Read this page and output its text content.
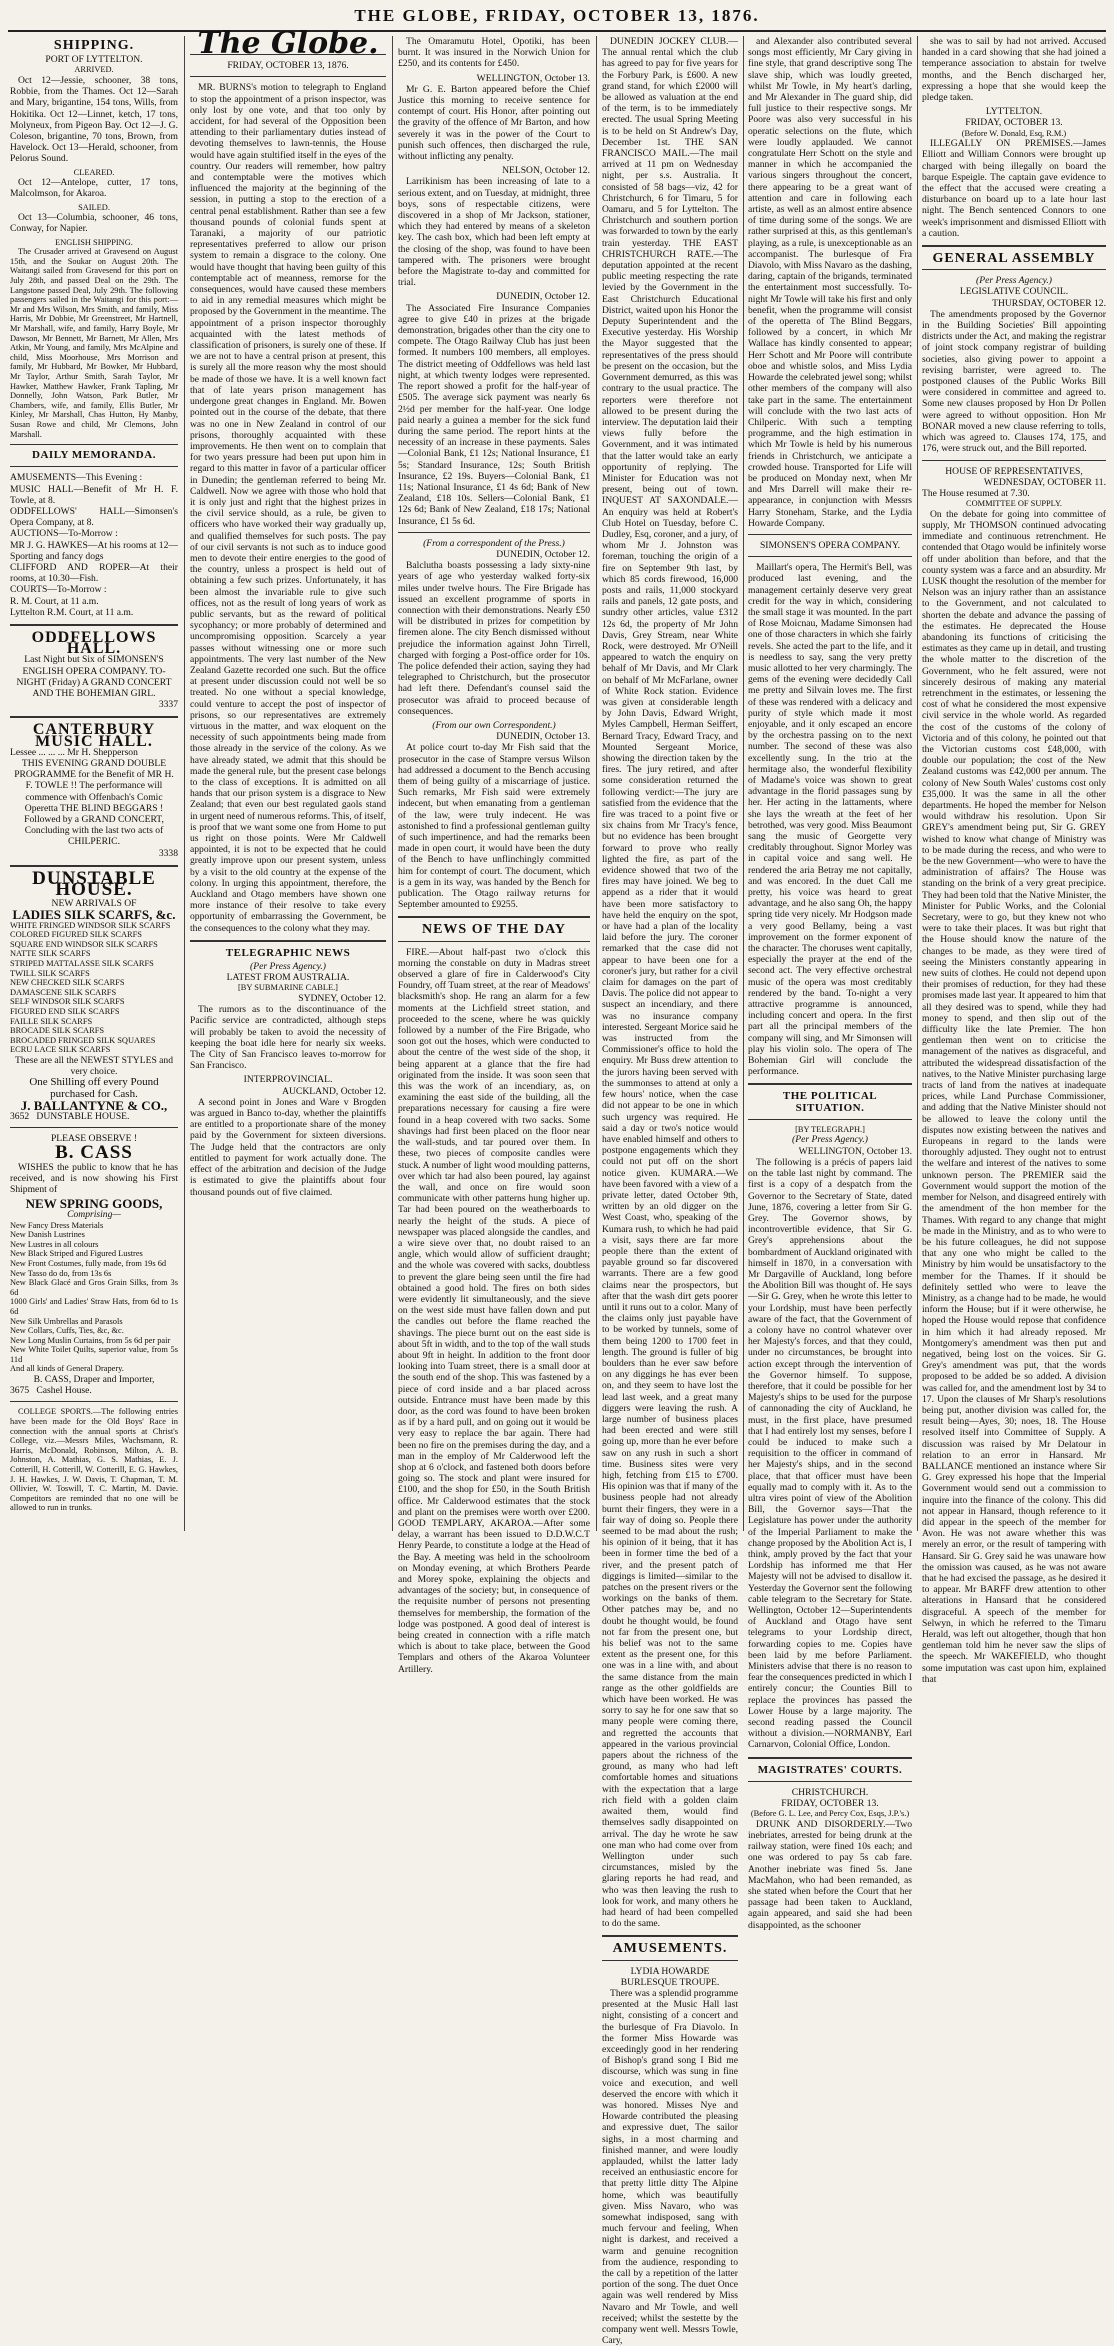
THE GLOBE, FRIDAY, OCTOBER 13, 1876.
SHIPPING.
PORT OF LYTTELTON.
ARRIVED.

Oct 12—Jessie, schooner, 38 tons, Robbie, from the Thames. Oct 12—Sarah and Mary, brigantine, 154 tons, Wills, from Hokitika. Oct 12—Linnet, ketch, 17 tons, Molyneux, from Pigeon Bay. Oct 12—J. G. Coleson, brigantine, 70 tons, Brown, from Havelock. Oct 13—Herald, schooner, from Pelorus Sound.

CLEARED.

Oct 12—Antelope, cutter, 17 tons, Malcolmson, for Akaroa.

SAILED.

Oct 13—Columbia, schooner, 46 tons, Conway, for Napier.

ENGLISH SHIPPING.

The Crusader arrived at Gravesend on August 15th, and the Soukar on August 20th. The Waitangi sailed from Gravesend for this port on July 28th, and passed Deal on the 29th. The Langstone passed Deal, July 29th. The following passengers sailed in the Waitangi for this port:—Mr and Mrs Wilson, Mrs Smith, and family, Miss Harris, Mr Dobbie, Mr Greenstreet, Mr Hartnell, Mr Marshall, wife, and family, Harry Boyle, Mr Dawson, Mr Bennett, Mr Barnett, Mr Allen, Mrs Atkin, Mr Young, and family, Mrs McAlpine and child, Miss Moorhouse, Mrs Morrison and family, Mr Hubbard, Mr Bowker, Mr Hubbard, Mr Taylor, Arthur Smith, Sarah Taylor, Mr Hawker, Matthew Hawker, Frank Tapling, Mr Donnelly, John Watson, Park Butler, Mr Chambers, wife, and family, Ellis Butler, Mr Kinley, Mr Marshall, Chas Hutton, Hy Manby, Susan Rowe and child, Mr Clemons, John Marshall.

DAILY MEMORANDA.
AMUSEMENTS—This Evening :
MUSIC HALL—Benefit of Mr H. F. Towle, at 8.
ODDFELLOWS' HALL—Simonsen's Opera Company, at 8.
AUCTIONS—To-Morrow :
MR J. G. HAWKES—At his rooms at 12—Sporting and fancy dogs
CLIFFORD AND ROPER—At their rooms, at 10.30—Fish.
COURTS—To-Morrow :
R. M. Court, at 11 a.m.
Lyttelton R.M. Court, at 11 a.m.
ODDFELLOWS HALL.
Last Night but Six of SIMONSEN'S ENGLISH OPERA COMPANY. TO-NIGHT (Friday) A GRAND CONCERT AND THE BOHEMIAN GIRL.
3337
CANTERBURY MUSIC HALL.
Lessee ... ... ... Mr H. Shepperson
THIS EVENING GRAND DOUBLE PROGRAMME for the Benefit of MR H. F. TOWLE !! The performance will commence with Offenbach's Comic Operetta THE BLIND BEGGARS ! Followed by a GRAND CONCERT, Concluding with the last two acts of CHILPERIC.
3338
DUNSTABLE HOUSE.
NEW ARRIVALS OF
LADIES SILK SCARFS, &c.
WHITE FRINGED WINDSOR SILK SCARFS
COLORED FIGURED SILK SCARFS
SQUARE END WINDSOR SILK SCARFS
NATTE SILK SCARFS
STRIPED MATTALASSE SILK SCARFS
TWILL SILK SCARFS
NEW CHECKED SILK SCARFS
DAMASCENE SILK SCARFS
SELF WINDSOR SILK SCARFS
FIGURED END SILK SCARFS
FAILLE SILK SCARFS
BROCADE SILK SCARFS
BROCADED FRINGED SILK SQUARES
ECRU LACE SILK SCARFS
These are all the NEWEST STYLES and very choice.
One Shilling off every Pound purchased for Cash.
J. BALLANTYNE & CO.,
3652 DUNSTABLE HOUSE.
PLEASE OBSERVE !
B. CASS

WISHES the public to know that he has received, and is now showing his First Shipment of

NEW SPRING GOODS,
Comprising—
New Fancy Dress Materials
New Danish Lustrines
New Lustres in all colours
New Black Striped and Figured Lustres
New Front Costumes, fully made, from 19s 6d
New Tasso do do, from 13s 6s
New Black Glacé and Gros Grain Silks, from 3s 6d
1000 Girls' and Ladies' Straw Hats, from 6d to 1s 6d
New Silk Umbrellas and Parasols
New Collars, Cuffs, Ties, &c, &c.
New Long Muslin Curtains, from 5s 6d per pair
New White Toilet Quilts, superior value, from 5s 11d
And all kinds of General Drapery.
B. CASS, Draper and Importer,
3675 Cashel House.

COLLEGE SPORTS.—The following entries have been made for the Old Boys' Race in connection with the annual sports at Christ's College, viz.—Messrs Miles, Wachsmann, R. Harris, McDonald, Robinson, Milton, A. B. Johnston, A. Mathias, G. S. Mathias, E. J. Cotterill, H. Cotterill, W. Cotterill, E. G. Hawkes, J. H. Hawkes, J. W. Davis, T. Chapman, T. M. Ollivier, W. Toswill, T. C. Martin, M. Davie. Competitors are reminded that no one will be allowed to run in trunks.

The Globe.
FRIDAY, OCTOBER 13, 1876.

MR. BURNS's motion to telegraph to England to stop the appointment of a prison inspector, was only lost by one vote, and that too only by accident, for had several of the Opposition been attending to their parliamentary duties instead of devoting themselves to lawn-tennis, the House would have again stultified itself in the eyes of the country. Our readers will remember, how paltry and contemptable were the motives which influenced the majority at the beginning of the session, in putting a stop to the erection of a central penal establishment. Rather than see a few thousand pounds of colonial funds spent at Taranaki, a majority of our patriotic representatives preferred to allow our prison system to remain a disgrace to the colony. One would have thought that having been guilty of this contemptable act of meanness, remorse for the consequences, would have caused these members to aid in any remedial measures which might be proposed by the Government in the meantime. The appointment of a prison inspector thoroughly acquainted with the latest methods of classification of prisoners, is surely one of these. If we are not to have a central prison at present, this is surely all the more reason why the most should be made of those we have. It is a well known fact that of late years prison management has undergone great changes in England. Mr. Bowen pointed out in the course of the debate, that there was no one in New Zealand in control of our prisons, thoroughly acquainted with these improvements. He then went on to complain that for two years pressure had been put upon him in regard to this matter in favor of a particular officer in Dunedin; the gentleman referred to being Mr. Caldwell. Now we agree with those who hold that it is only just and right that the highest prizes in the civil service should, as a rule, be given to officers who have worked their way gradually up, and qualified themselves for such posts. The pay of our civil servants is not such as to induce good men to devote their entire energies to the good of the country, unless a prospect is held out of obtaining a few such prizes. Unfortunately, it has been almost the invariable rule to give such offices, not as the result of long years of work as public servants, but as the reward of political sycophancy; or more probably of determined and uncompromising opposition. Scarcely a year passes without witnessing one or more such appointments. The very last number of the New Zealand Gazette recorded one such. But the office at present under discussion could not well be so treated. No one without a special knowledge, could venture to accept the post of inspector of prisons, so our representatives are extremely virtuous in the matter, and wax eloquent on the necessity of such appointments being made from those already in the service of the colony. As we have already stated, we admit that this should be made the general rule, but the present case belongs to the class of exceptions. It is admitted on all hands that our prison system is a disgrace to New Zealand; that even our best regulated gaols stand in urgent need of numerous reforms. This, of itself, is proof that we want some one from Home to put us right on those points. Were Mr Caldwell appointed, it is not to be expected that he could greatly improve upon our present system, unless by a visit to the old country at the expense of the colony. In urging this appointment, therefore, the Auckland and Otago members have shown one more instance of their resolve to take every opportunity of embarrassing the Government, be the consequences to the colony what they may.

TELEGRAPHIC NEWS
(Per Press Agency.)
LATEST FROM AUSTRALIA.
[BY SUBMARINE CABLE.]
SYDNEY, October 12.

The rumors as to the discontinuance of the Pacific service are contradicted, although steps will probably be taken to avoid the necessity of keeping the boat idle here for nearly six weeks. The City of San Francisco leaves to-morrow for San Francisco.

INTERPROVINCIAL.
AUCKLAND, October 12.

A second point in Jones and Ware v Brogden was argued in Banco to-day, whether the plaintiffs are entitled to a proportionate share of the money paid by the Government for sixteen diversions. The Judge held that the contractors are only entitled to payment for work actually done. The effect of the arbitration and decision of the Judge is estimated to give the plaintiffs about four thousand pounds out of five claimed.

The Omaramutu Hotel, Opotiki, has been burnt. It was insured in the Norwich Union for £250, and its contents for £450.

WELLINGTON, October 13.

Mr G. E. Barton appeared before the Chief Justice this morning to receive sentence for contempt of court. His Honor, after pointing out the gravity of the offence of Mr Barton, and how severely it was in the power of the Court to punish such offences, then discharged the rule, without inflicting any penalty.

NELSON, October 12.

Larrikinism has been increasing of late to a serious extent, and on Tuesday, at midnight, three boys, sons of respectable citizens, were discovered in a shop of Mr Jackson, stationer, which they had entered by means of a skeleton key. The cash box, which had been left empty at the closing of the shop, was found to have been tampered with. The prisoners were brought before the Magistrate to-day and committed for trial.

DUNEDIN, October 12.

The Associated Fire Insurance Companies agree to give £40 in prizes at the brigade demonstration, brigades other than the city one to compete. The Otago Railway Club has just been formed. It numbers 100 members, all employes. The district meeting of Oddfellows was held last night, at which twenty lodges were represented. The report showed a profit for the half-year of £505. The average sick payment was nearly 6s 2½d per member for the half-year. One lodge paid nearly a guinea a member for the sick fund during the same period. The report hints at the necessity of an increase in these payments. Sales—Colonial Bank, £1 12s; National Insurance, £1 5s; Standard Insurance, 12s; South British Insurance, £2 19s. Buyers—Colonial Bank, £1 11s; National Insurance, £1 4s 6d; Bank of New Zealand, £18 10s. Sellers—Colonial Bank, £1 12s 6d; Bank of New Zealand, £18 17s; National Insurance, £1 5s 6d.

(From a correspondent of the Press.)
DUNEDIN, October 12.

Balclutha boasts possessing a lady sixty-nine years of age who yesterday walked forty-six miles under twelve hours. The Fire Brigade has issued an excellent programme of sports in connection with their demonstrations. Nearly £50 will be distributed in prizes for competition by firemen alone. The city Bench dismissed without prejudice the information against John Tirrell, charged with forging a Post-office order for 10s. The police defended their action, saying they had telegraphed to Christchurch, but the prosecutor had left there. Defendant's counsel said the prosecutor was afraid to proceed because of consequences.

(From our own Correspondent.)
DUNEDIN, October 13.

At police court to-day Mr Fish said that the prosecutor in the case of Stampre versus Wilson had addressed a document to the Bench accusing them of being guilty of a miscarriage of justice. Such remarks, Mr Fish said were extremely indecent, but when emanating from a gentleman of the law, were truly indecent. He was astonished to find a professional gentleman guilty of such impertinence, and had the remarks been made in open court, it would have been the duty of the Bench to have unflinchingly committed him for contempt of court. The document, which is a gem in its way, was handed by the Bench for publication. The Otago railway returns for September amounted to £9255.

NEWS OF THE DAY

FIRE.—About half-past two o'clock this morning the constable on duty in Madras street observed a glare of fire in Calderwood's City Foundry, off Tuam street, at the rear of Meadows' blacksmith's shop. He rang an alarm for a few moments at the Lichfield street station, and proceeded to the scene, where he was quickly followed by a number of the Fire Brigade, who soon got out the hoses, which were conducted to about the centre of the west side of the shop, it being apparent at a glance that the fire had originated from the inside. It was soon seen that this was the work of an incendiary, as, on examining the east side of the building, all the preparations necessary for causing a fire were found in a heap covered with two sacks. Some shavings had first been placed on the floor near the wall-studs, and tar poured over them. In these, two pieces of composite candles were stuck. A number of light wood moulding patterns, over which tar had also been poured, lay against the wall, and once on fire would soon communicate with other patterns hung higher up. Tar had been poured on the weatherboards to nearly the height of the studs. A piece of newspaper was placed alongside the candles, and a wire sieve over that, no doubt raised to an angle, which would allow of sufficient draught; and the whole was covered with sacks, doubtless to prevent the glare being seen until the fire had obtained a good hold. The fires on both sides were evidently lit simultaneously, and the sieve on the west side must have fallen down and put the candles out before the flame reached the shavings. The piece burnt out on the east side is about 5ft in width, and to the top of the wall studs about 9ft in height. In addition to the front door looking into Tuam street, there is a small door at the south end of the shop. This was fastened by a piece of cord inside and a bar placed across outside. Entrance must have been made by this door, as the cord was found to have been broken as if by a hard pull, and on going out it would be very easy to replace the bar again. There had been no fire on the premises during the day, and a man in the employ of Mr Calderwood left the shop at 6 o'clock, and fastened both doors before going so. The stock and plant were insured for £100, and the shop for £50, in the South British office. Mr Calderwood estimates that the stock and plant on the premises were worth over £200. GOOD TEMPLARY, AKAROA.—After some delay, a warrant has been issued to D.D.W.C.T Henry Pearde, to constitute a lodge at the Head of the Bay. A meeting was held in the schoolroom on Monday evening, at which Brothers Pearde and Morey spoke, explaining the objects and advantages of the society; but, in consequence of the requisite number of persons not presenting themselves for membership, the formation of the lodge was postponed. A good deal of interest is being created in connection with a rifle match which is about to take place, between the Good Templars and others of the Akaroa Volunteer Artillery.

DUNEDIN JOCKEY CLUB.—The annual rental which the club has agreed to pay for five years for the Forbury Park, is £600. A new grand stand, for which £2000 will be allowed as valuation at the end of the term, is to be immediately erected. The usual Spring Meeting is to be held on St Andrew's Day, December 1st. THE SAN FRANCISCO MAIL.—The mail arrived at 11 pm on Wednesday night, per s.s. Australia. It consisted of 58 bags—viz, 42 for Christchurch, 6 for Timaru, 5 for Oamaru, and 5 for Lyttelton. The Christchurch and southern portion was forwarded to town by the early train yesterday. THE EAST CHRISTCHURCH RATE.—The deputation appointed at the recent public meeting respecting the rate levied by the Government in the East Christchurch Educational District, waited upon his Honor the Deputy Superintendent and the Executive yesterday. His Worship the Mayor suggested that the representatives of the press should be present on the occasion, but the Government demurred, as this was contrary to the usual practice. The reporters were therefore not allowed to be present during the interview. The deputation laid their views fully before the Government, and it was intimated that the latter would take an early opportunity of replying. The Minister for Education was not present, being out of town. INQUEST AT SAXONDALE.—An enquiry was held at Robert's Club Hotel on Tuesday, before C. Dudley, Esq, coroner, and a jury, of whom Mr J. Johnston was foreman, touching the origin of a fire on September 9th last, by which 85 cords firewood, 16,000 posts and rails, 11,000 stockyard rails and panels, 12 gate posts, and sundry other articles, value £312 12s 6d, the property of Mr John Davis, Grey Stream, near White Rock, were destroyed. Mr O'Neill appeared to watch the enquiry on behalf of Mr Davis, and Mr Clark on behalf of Mr McFarlane, owner of White Rock station. Evidence was given at considerable length by John Davis, Edward Wright, Myles Campbell, Herman Seiffert, Bernard Tracy, Edward Tracy, and Mounted Sergeant Morice, showing the direction taken by the fires. The jury retired, and after some consideration returned the following verdict:—The jury are satisfied from the evidence that the fire was traced to a point five or six chains from Mr Tracy's fence, but no evidence has been brought forward to prove who really lighted the fire, as part of the evidence showed that two of the fires may have joined. We beg to append as a rider that it would have been more satisfactory to have held the enquiry on the spot, or have had a plan of the locality laid before the jury. The coroner remarked that the case did not appear to have been one for a coroner's jury, but rather for a civil claim for damages on the part of Davis. The police did not appear to suspect an incendiary, and there was no insurance company interested. Sergeant Morice said he was instructed from the Commissioner's office to hold the enquiry. Mr Buss drew attention to the jurors having been served with the summonses to attend at only a few hours' notice, when the case did not appear to be one in which such urgency was required. He said a day or two's notice would have enabled himself and others to postpone engagements which they could not put off on the short notice given. KUMARA.—We have been favored with a view of a private letter, dated October 9th, written by an old digger on the West Coast, who, speaking of the Kumara rush, to which he had paid a visit, says there are far more people there than the extent of payable ground so far discovered warrants. There are a few good claims near the prospectors, but after that the wash dirt gets poorer until it runs out to a color. Many of the claims only just payable have to be worked by tunnels, some of them being 1200 to 1700 feet in length. The ground is fuller of big boulders than he ever saw before on any diggings he has ever been on, and they seem to have lost the lead last week, and a great many diggers were leaving the rush. A large number of business places had been erected and were still going up, more than he ever before saw on any rush in such a short time. Business sites were very high, fetching from £15 to £700. His opinion was that if many of the business people had not already burnt their fingers, they were in a fair way of doing so. People there seemed to be mad about the rush; his opinion of it being, that it has been in former time the bed of a river, and the present patch of diggings is limited—similar to the patches on the present rivers or the workings on the banks of them. Other patches may be, and no doubt he thought would, be found not far from the present one, but his belief was not to the same extent as the present one, for this one was in a line with, and about the same distance from the main range as the other goldfields are which have been worked. He was sorry to say he for one saw that so many people were coming there, and regretted the accounts that appeared in the various provincial papers about the richness of the ground, as many who had left comfortable homes and situations with the expectation that a large rich field with a golden claim awaited them, would find themselves sadly disappointed on arrival. The day he wrote he saw one man who had come over from Wellington under such circumstances, misled by the glaring reports he had read, and who was then leaving the rush to look for work, and many others he had heard of had been compelled to do the same.

AMUSEMENTS.
LYDIA HOWARDE BURLESQUE TROUPE.

There was a splendid programme presented at the Music Hall last night, consisting of a concert and the burlesque of Fra Diavolo. In the former Miss Howarde was exceedingly good in her rendering of Bishop's grand song I Bid me discourse, which was sung in fine voice and execution, and well deserved the encore with which it was honored. Misses Nye and Howarde contributed the pleasing and expressive duet, The sailor sighs, in a most charming and finished manner, and were loudly applauded, whilst the latter lady received an enthusiastic encore for that pretty little ditty The Alpine home, which was beautifully given. Miss Navaro, who was somewhat indisposed, sang with much fervour and feeling, When night is darkest, and received a warm and genuine recognition from the audience, responding to the call by a repetition of the latter portion of the song. The duet Once again was well rendered by Miss Navaro and Mr Towle, and well received; whilst the sestette by the company went well. Messrs Towle, Cary,

and Alexander also contributed several songs most efficiently, Mr Cary giving in fine style, that grand descriptive song The slave ship, which was loudly greeted, whilst Mr Towle, in My heart's darling, and Mr Alexander in The guard ship, did full justice to their respective songs. Mr Poore was also very successful in his operatic selections on the flute, which were loudly applauded. We cannot congratulate Herr Schott on the style and manner in which he accompanied the various singers throughout the concert, there appearing to be a great want of attention and care in following each artiste, as well as an almost entire absence of time during some of the songs. We are rather surprised at this, as this gentleman's playing, as a rule, is unexceptionable as an accompanist. The burlesque of Fra Diavolo, with Miss Navaro as the dashing, daring, captain of the brigands, terminated the entertainment most successfully. To-night Mr Towle will take his first and only benefit, when the programme will consist of the operetta of The Blind Beggars, followed by a concert, in which Mr Wallace has kindly consented to appear; Herr Schott and Mr Poore will contribute oboe and whistle solos, and Miss Lydia Howarde the celebrated jewel song; whilst other members of the company will also take part in the same. The entertainment will conclude with the two last acts of Chilperic. With such a tempting programme, and the high estimation in which Mr Towle is held by his numerous friends in Christchurch, we anticipate a crowded house. Transported for Life will be produced on Monday next, when Mr and Mrs Darrell will make their re-appearance, in conjunction with Messrs Harry Stoneham, Starke, and the Lydia Howarde Company.

SIMONSEN'S OPERA COMPANY.

Maillart's opera, The Hermit's Bell, was produced last evening, and the management certainly deserve very great credit for the way in which, considering the small stage it was mounted. In the part of Rose Moicnau, Madame Simonsen had one of those characters in which she fairly revels. She acted the part to the life, and it is needless to say, sang the very pretty music allotted to her very charmingly. The gems of the evening were decidedly Call me pretty and Silvain loves me. The first of these was rendered with a delicacy and purity of style which made it most enjoyable, and it only escaped an encore by the orchestra passing on to the next number. The second of these was also excellently sung. In the trio at the hermitage also, the wonderful flexibility of Madame's voice was shown to great advantage in the florid passages sung by her. Her acting in the lattaments, where she lays the wreath at the feet of her betrothed, was very good. Miss Beaumont sang the music of Georgette very creditably throughout. Signor Morley was in capital voice and sang well. He rendered the aria Betray me not capitally, and was encored. In the duet Call me pretty, his voice was heard to great advantage, and he also sang Oh, the happy spring tide very nicely. Mr Hodgson made a very good Bellamy, being a vast improvement on the former exponent of the character. The choruses went capitally, especially the prayer at the end of the second act. The very effective orchestral music of the opera was most creditably rendered by the band. To-night a very attractive programme is announced, including concert and opera. In the first part all the principal members of the company will sing, and Mr Simonsen will play his violin solo. The opera of The Bohemian Girl will conclude the performance.

THE POLITICAL SITUATION.
[BY TELEGRAPH.]
(Per Press Agency.)
WELLINGTON, October 13.

The following is a précis of papers laid on the table last night by command. The first is a copy of a despatch from the Governor to the Secretary of State, dated June, 1876, covering a letter from Sir G. Grey. The Governor shows, by incontrovertible evidence, that Sir G. Grey's apprehensions about the bombardment of Auckland originated with himself in 1870, in a conversation with Mr Dargaville of Auckland, long before the Abolition Bill was thought of. He says—Sir G. Grey, when he wrote this letter to your Lordship, must have been perfectly aware of the fact, that the Government of a colony have no control whatever over her Majesty's forces, and that they could, under no circumstances, be brought into action except through the intervention of the Governor himself. To suppose, therefore, that it could be possible for her Majesty's ships to be used for the purpose of cannonading the city of Auckland, he must, in the first place, have presumed that I had entirely lost my senses, before I could be induced to make such a requisition to the officer in command of her Majesty's ships, and in the second place, that that officer must have been equally mad to comply with it. As to the ultra vires point of view of the Abolition Bill, the Governor says—That the Legislature has power under the authority of the Imperial Parliament to make the change proposed by the Abolition Act is, I think, amply proved by the fact that your Lordship has informed me that Her Majesty will not be advised to disallow it. Yesterday the Governor sent the following cable telegram to the Secretary for State. Wellington, October 12—Superintendents of Auckland and Otago have sent telegrams to your Lordship direct, forwarding copies to me. Copies have been laid by me before Parliament. Ministers advise that there is no reason to fear the consequences predicted in which I entirely concur; the Counties Bill to replace the provinces has passed the Lower House by a large majority. The second reading passed the Council without a division.—NORMANBY, Earl Carnarvon, Colonial Office, London.

MAGISTRATES' COURTS.
CHRISTCHURCH.
FRIDAY, OCTOBER 13.
(Before G. L. Lee, and Percy Cox, Esqs, J.P.'s.)

DRUNK AND DISORDERLY.—Two inebriates, arrested for being drunk at the railway station, were fined 10s each; and one was ordered to pay 5s cab fare. Another inebriate was fined 5s. Jane MacMahon, who had been remanded, as she stated when before the Court that her passage had been taken to Auckland, again appeared, and said she had been disappointed, as the schooner

she was to sail by had not arrived. Accused handed in a card showing that she had joined a temperance association to abstain for twelve months, and the Bench discharged her, expressing a hope that she would keep the pledge taken.

LYTTELTON.
FRIDAY, OCTOBER 13.
(Before W. Donald, Esq, R.M.)

ILLEGALLY ON PREMISES.—James Elliott and William Connors were brought up charged with being illegally on board the barque Espeigle. The captain gave evidence to the effect that the accused were creating a disturbance on board up to a late hour last night. The Bench sentenced Connors to one week's imprisonment and dismissed Elliott with a caution.

GENERAL ASSEMBLY
(Per Press Agency.)
LEGISLATIVE COUNCIL.
THURSDAY, OCTOBER 12.

The amendments proposed by the Governor in the Building Societies' Bill appointing districts under the Act, and making the registrar of joint stock company registrar of building societies, also giving power to appoint a revising barrister, were agreed to. The postponed clauses of the Public Works Bill were considered in committee and agreed to. Some new clauses proposed by Hon Dr Pollen were agreed to without opposition. Hon Mr BONAR moved a new clause referring to tolls, which was agreed to. Clauses 174, 175, and 176, were struck out, and the Bill reported.

HOUSE OF REPRESENTATIVES,
WEDNESDAY, OCTOBER 11.
The House resumed at 7.30.
COMMITTEE OF SUPPLY.

On the debate for going into committee of supply, Mr THOMSON continued advocating immediate and continuous retrenchment. He contended that Otago would be infinitely worse off under abolition than before, and that the county system was a farce and an absurdity. Mr LUSK thought the resolution of the member for Nelson was an injury rather than an assistance to the Government, and not calculated to shorten the debate and advance the passing of the estimates. He deprecated the House abandoning its functions of criticising the estimates as they came up in detail, and trusting the whole matter to the discretion of the Government, who he felt assured, were not sincerely desirous of making any material retrenchment in the estimates, or lessening the cost of what he considered the most expensive civil service in the whole world. As regarded the cost of the customs of the colony of Victoria and of this colony, he pointed out that the Victorian customs cost £48,000, with double our population; the cost of the New Zealand customs was £42,000 per annum. The colony of New South Wales' customs cost only £35,000. It was the same in all the other departments. He hoped the member for Nelson would withdraw his resolution. Upon Sir GREY's amendment being put, Sir G. GREY wished to know what change of Ministry was to be made during the recess, and who were to be the new Government—who were to have the administration of affairs? The House was standing on the brink of a very great precipice. They had been told that the Native Minister, the Minister for Public Works, and the Colonial Secretary, were to go, but they knew not who were to take their places. It was but right that the House should know the nature of the changes to be made, as they were tired of seeing the Ministers constantly appearing in new suits of clothes. He could not depend upon their promises of reduction, for they had these promises made last year. It appeared to him that all they desired was to spend, while they had money to spend, and then slip out of the difficulty like the late Premier. The hon gentleman then went on to criticise the management of the natives as disgraceful, and attributed the widespread dissatisfaction of the natives, to the Native Minister purchasing large tracts of land from the natives at inadequate prices, while Land Purchase Commissioner, and adding that the Native Minister should not be allowed to leave the colony until the disputes now existing between the natives and Europeans in regard to the lands were thoroughly adjusted. They ought not to entrust the welfare and interest of the natives to some unknown person. The PREMIER said the Government would support the motion of the member for Nelson, and disagreed entirely with the amendment of the hon member for the Thames. With regard to any change that might be made in the Ministry, and as to who were to be his future colleagues, he did not suppose that any one who might be called to the Ministry by him would be unsatisfactory to the member for the Thames. If it should be definitely settled who were to leave the Ministry, as a change had to be made, he would inform the House; but if it were otherwise, he hoped the House would repose that confidence in him which it had already reposed. Mr Montgomery's amendment was then put and negatived, being lost on the voices. Sir G. Grey's amendment was put, that the words proposed to be added be so added. A division was called for, and the amendment lost by 34 to 17. Upon the clauses of Mr Sharp's resolutions being put, another division was called for, the result being—Ayes, 30; noes, 18. The House resolved itself into Committee of Supply. A discussion was raised by Mr Delatour in relation to an error in Hansard. Mr BALLANCE mentioned an instance where Sir G. Grey expressed his hope that the Imperial Government would send out a commission to inquire into the finance of the colony. This did not appear in Hansard, though reference to it did appear in the speech of the member for Avon. He was not aware whether this was merely an error, or the result of tampering with Hansard. Sir G. Grey said he was unaware how the omission was caused, as he was not aware that he had excised the passage, as he desired it to appear. Mr BARFF drew attention to other alterations in Hansard that he considered disgraceful. A speech of the member for Selwyn, in which he referred to the Timaru Herald, was left out altogether, though that hon gentleman told him he never saw the slips of the speech. Mr WAKEFIELD, who thought some imputation was cast upon him, explained that
